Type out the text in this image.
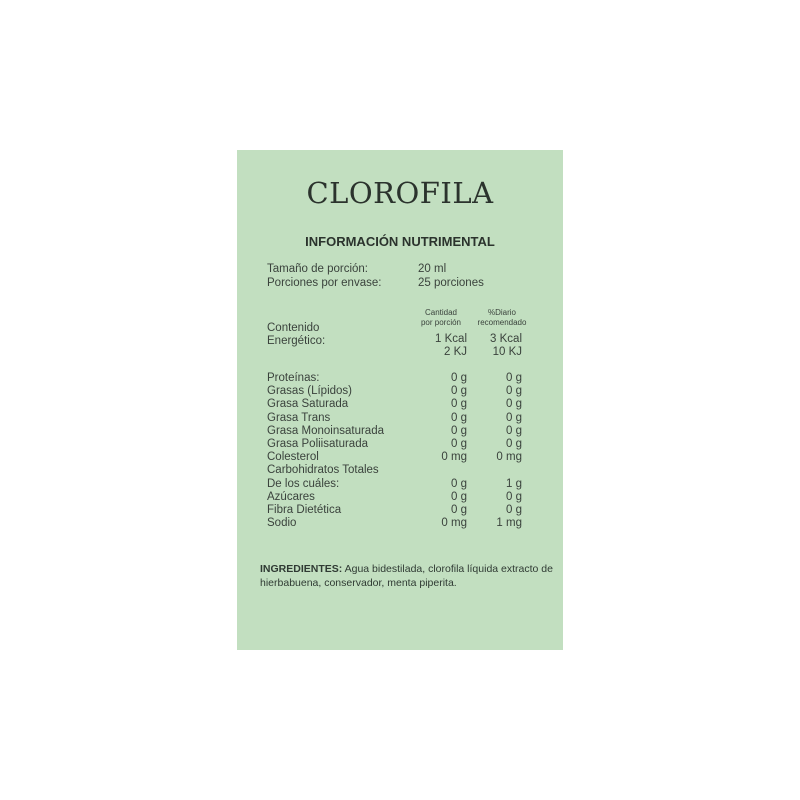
CLOROFILA
INFORMACIÓN NUTRIMENTAL
Tamaño de porción:	20 ml
Porciones por envase:	25 porciones
Cantidad
por porción
%Diario
recomendado
Contenido
Energético:	1 Kcal	3 Kcal
2 KJ	10 KJ
Proteínas:	0 g	0 g
Grasas (Lípidos)	0 g	0 g
Grasa Saturada	0 g	0 g
Grasa Trans	0 g	0 g
Grasa Monoinsaturada	0 g	0 g
Grasa Poliisaturada	0 g	0 g
Colesterol	0 mg	0 mg
Carbohidratos Totales
De los cuáles:	0 g	1 g
Azúcares	0 g	0 g
Fibra Dietética	0 g	0 g
Sodio	0 mg	1 mg
INGREDIENTES: Agua bidestilada, clorofila líquida extracto de hierbabuena, conservador, menta piperita.
